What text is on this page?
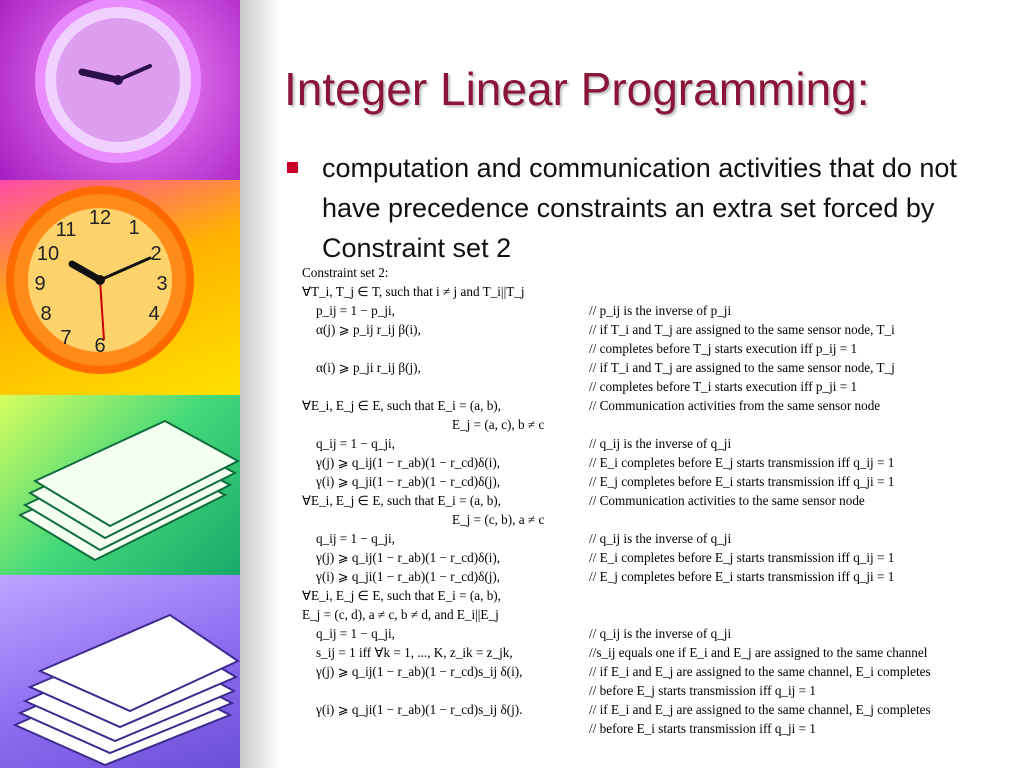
12 1
2
3
4
6
7
8
9
10
11
Integer Linear Programming:
computation and communication activities that do not have precedence constraints an extra set forced by Constraint set 2
Constraint set 2:
∀T_i, T_j ∈ T, such that i ≠ j and T_i||T_j
p_ij = 1 − p_ji,	// p_ij is the inverse of p_ji
α(j) ⩾ p_ij r_ij β(i),	// if T_i and T_j are assigned to the same sensor node, T_i
// completes before T_j starts execution iff p_ij = 1
α(i) ⩾ p_ji r_ij β(j),	// if T_i and T_j are assigned to the same sensor node, T_j
// completes before T_i starts execution iff p_ji = 1
∀E_i, E_j ∈ E, such that E_i = (a, b),	// Communication activities from the same sensor node
E_j = (a, c), b ≠ c
q_ij = 1 − q_ji,	// q_ij is the inverse of q_ji
γ(j) ⩾ q_ij(1 − r_ab)(1 − r_cd)δ(i),	// E_i completes before E_j starts transmission iff q_ij = 1
γ(i) ⩾ q_ji(1 − r_ab)(1 − r_cd)δ(j),	// E_j completes before E_i starts transmission iff q_ji = 1
∀E_i, E_j ∈ E, such that E_i = (a, b),	// Communication activities to the same sensor node
E_j = (c, b), a ≠ c
q_ij = 1 − q_ji,	// q_ij is the inverse of q_ji
γ(j) ⩾ q_ij(1 − r_ab)(1 − r_cd)δ(i),	// E_i completes before E_j starts transmission iff q_ij = 1
γ(i) ⩾ q_ji(1 − r_ab)(1 − r_cd)δ(j),	// E_j completes before E_i starts transmission iff q_ji = 1
∀E_i, E_j ∈ E, such that E_i = (a, b),
E_j = (c, d), a ≠ c, b ≠ d, and E_i||E_j
q_ij = 1 − q_ji,	// q_ij is the inverse of q_ji
s_ij = 1 iff ∀k = 1, ..., K, z_ik = z_jk,	//s_ij equals one if E_i and E_j are assigned to the same channel
γ(j) ⩾ q_ij(1 − r_ab)(1 − r_cd)s_ij δ(i),	// if E_i and E_j are assigned to the same channel, E_i completes
// before E_j starts transmission iff q_ij = 1
γ(i) ⩾ q_ji(1 − r_ab)(1 − r_cd)s_ij δ(j).	// if E_i and E_j are assigned to the same channel, E_j completes
// before E_i starts transmission iff q_ji = 1
